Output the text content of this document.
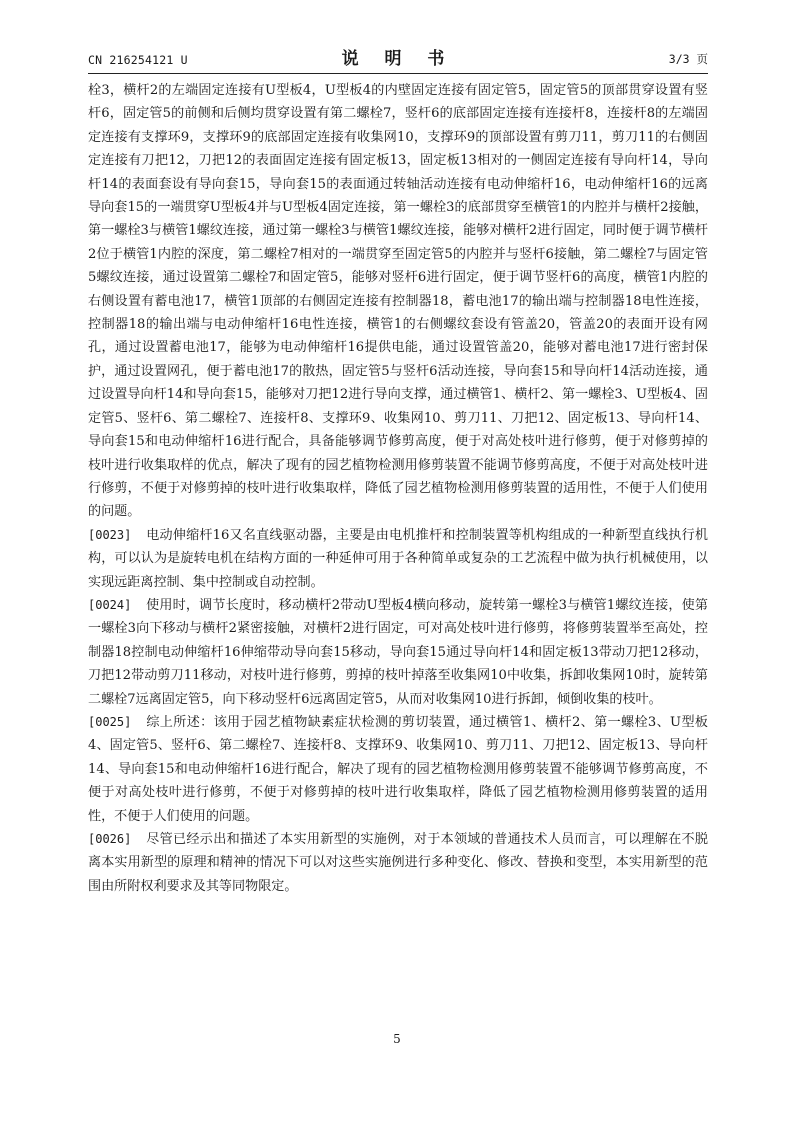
CN 216254121 U	说 明 书	3/3 页

栓3，横杆2的左端固定连接有U型板4，U型板4的内壁固定连接有固定管5，固定管5的顶部贯穿设置有竖杆6，固定管5的前侧和后侧均贯穿设置有第二螺栓7，竖杆6的底部固定连接有连接杆8，连接杆8的左端固定连接有支撑环9，支撑环9的底部固定连接有收集网10，支撑环9的顶部设置有剪刀11，剪刀11的右侧固定连接有刀把12，刀把12的表面固定连接有固定板13，固定板13相对的一侧固定连接有导向杆14，导向杆14的表面套设有导向套15，导向套15的表面通过转轴活动连接有电动伸缩杆16，电动伸缩杆16的远离导向套15的一端贯穿U型板4并与U型板4固定连接，第一螺栓3的底部贯穿至横管1的内腔并与横杆2接触，第一螺栓3与横管1螺纹连接，通过第一螺栓3与横管1螺纹连接，能够对横杆2进行固定，同时便于调节横杆2位于横管1内腔的深度，第二螺栓7相对的一端贯穿至固定管5的内腔并与竖杆6接触，第二螺栓7与固定管5螺纹连接，通过设置第二螺栓7和固定管5，能够对竖杆6进行固定，便于调节竖杆6的高度，横管1内腔的右侧设置有蓄电池17，横管1顶部的右侧固定连接有控制器18，蓄电池17的输出端与控制器18电性连接，控制器18的输出端与电动伸缩杆16电性连接，横管1的右侧螺纹套设有管盖20，管盖20的表面开设有网孔，通过设置蓄电池17，能够为电动伸缩杆16提供电能，通过设置管盖20，能够对蓄电池17进行密封保护，通过设置网孔，便于蓄电池17的散热，固定管5与竖杆6活动连接，导向套15和导向杆14活动连接，通过设置导向杆14和导向套15，能够对刀把12进行导向支撑，通过横管1、横杆2、第一螺栓3、U型板4、固定管5、竖杆6、第二螺栓7、连接杆8、支撑环9、收集网10、剪刀11、刀把12、固定板13、导向杆14、导向套15和电动伸缩杆16进行配合，具备能够调节修剪高度，便于对高处枝叶进行修剪，便于对修剪掉的枝叶进行收集取样的优点，解决了现有的园艺植物检测用修剪装置不能调节修剪高度，不便于对高处枝叶进行修剪，不便于对修剪掉的枝叶进行收集取样，降低了园艺植物检测用修剪装置的适用性，不便于人们使用的问题。

[0023] 电动伸缩杆16又名直线驱动器，主要是由电机推杆和控制装置等机构组成的一种新型直线执行机构，可以认为是旋转电机在结构方面的一种延伸可用于各种简单或复杂的工艺流程中做为执行机械使用，以实现远距离控制、集中控制或自动控制。

[0024] 使用时，调节长度时，移动横杆2带动U型板4横向移动，旋转第一螺栓3与横管1螺纹连接，使第一螺栓3向下移动与横杆2紧密接触，对横杆2进行固定，可对高处枝叶进行修剪，将修剪装置举至高处，控制器18控制电动伸缩杆16伸缩带动导向套15移动，导向套15通过导向杆14和固定板13带动刀把12移动，刀把12带动剪刀11移动，对枝叶进行修剪，剪掉的枝叶掉落至收集网10中收集，拆卸收集网10时，旋转第二螺栓7远离固定管5，向下移动竖杆6远离固定管5，从而对收集网10进行拆卸，倾倒收集的枝叶。

[0025] 综上所述：该用于园艺植物缺素症状检测的剪切装置，通过横管1、横杆2、第一螺栓3、U型板4、固定管5、竖杆6、第二螺栓7、连接杆8、支撑环9、收集网10、剪刀11、刀把12、固定板13、导向杆14、导向套15和电动伸缩杆16进行配合，解决了现有的园艺植物检测用修剪装置不能够调节修剪高度，不便于对高处枝叶进行修剪，不便于对修剪掉的枝叶进行收集取样，降低了园艺植物检测用修剪装置的适用性，不便于人们使用的问题。

[0026] 尽管已经示出和描述了本实用新型的实施例，对于本领域的普通技术人员而言，可以理解在不脱离本实用新型的原理和精神的情况下可以对这些实施例进行多种变化、修改、替换和变型，本实用新型的范围由所附权利要求及其等同物限定。

5
